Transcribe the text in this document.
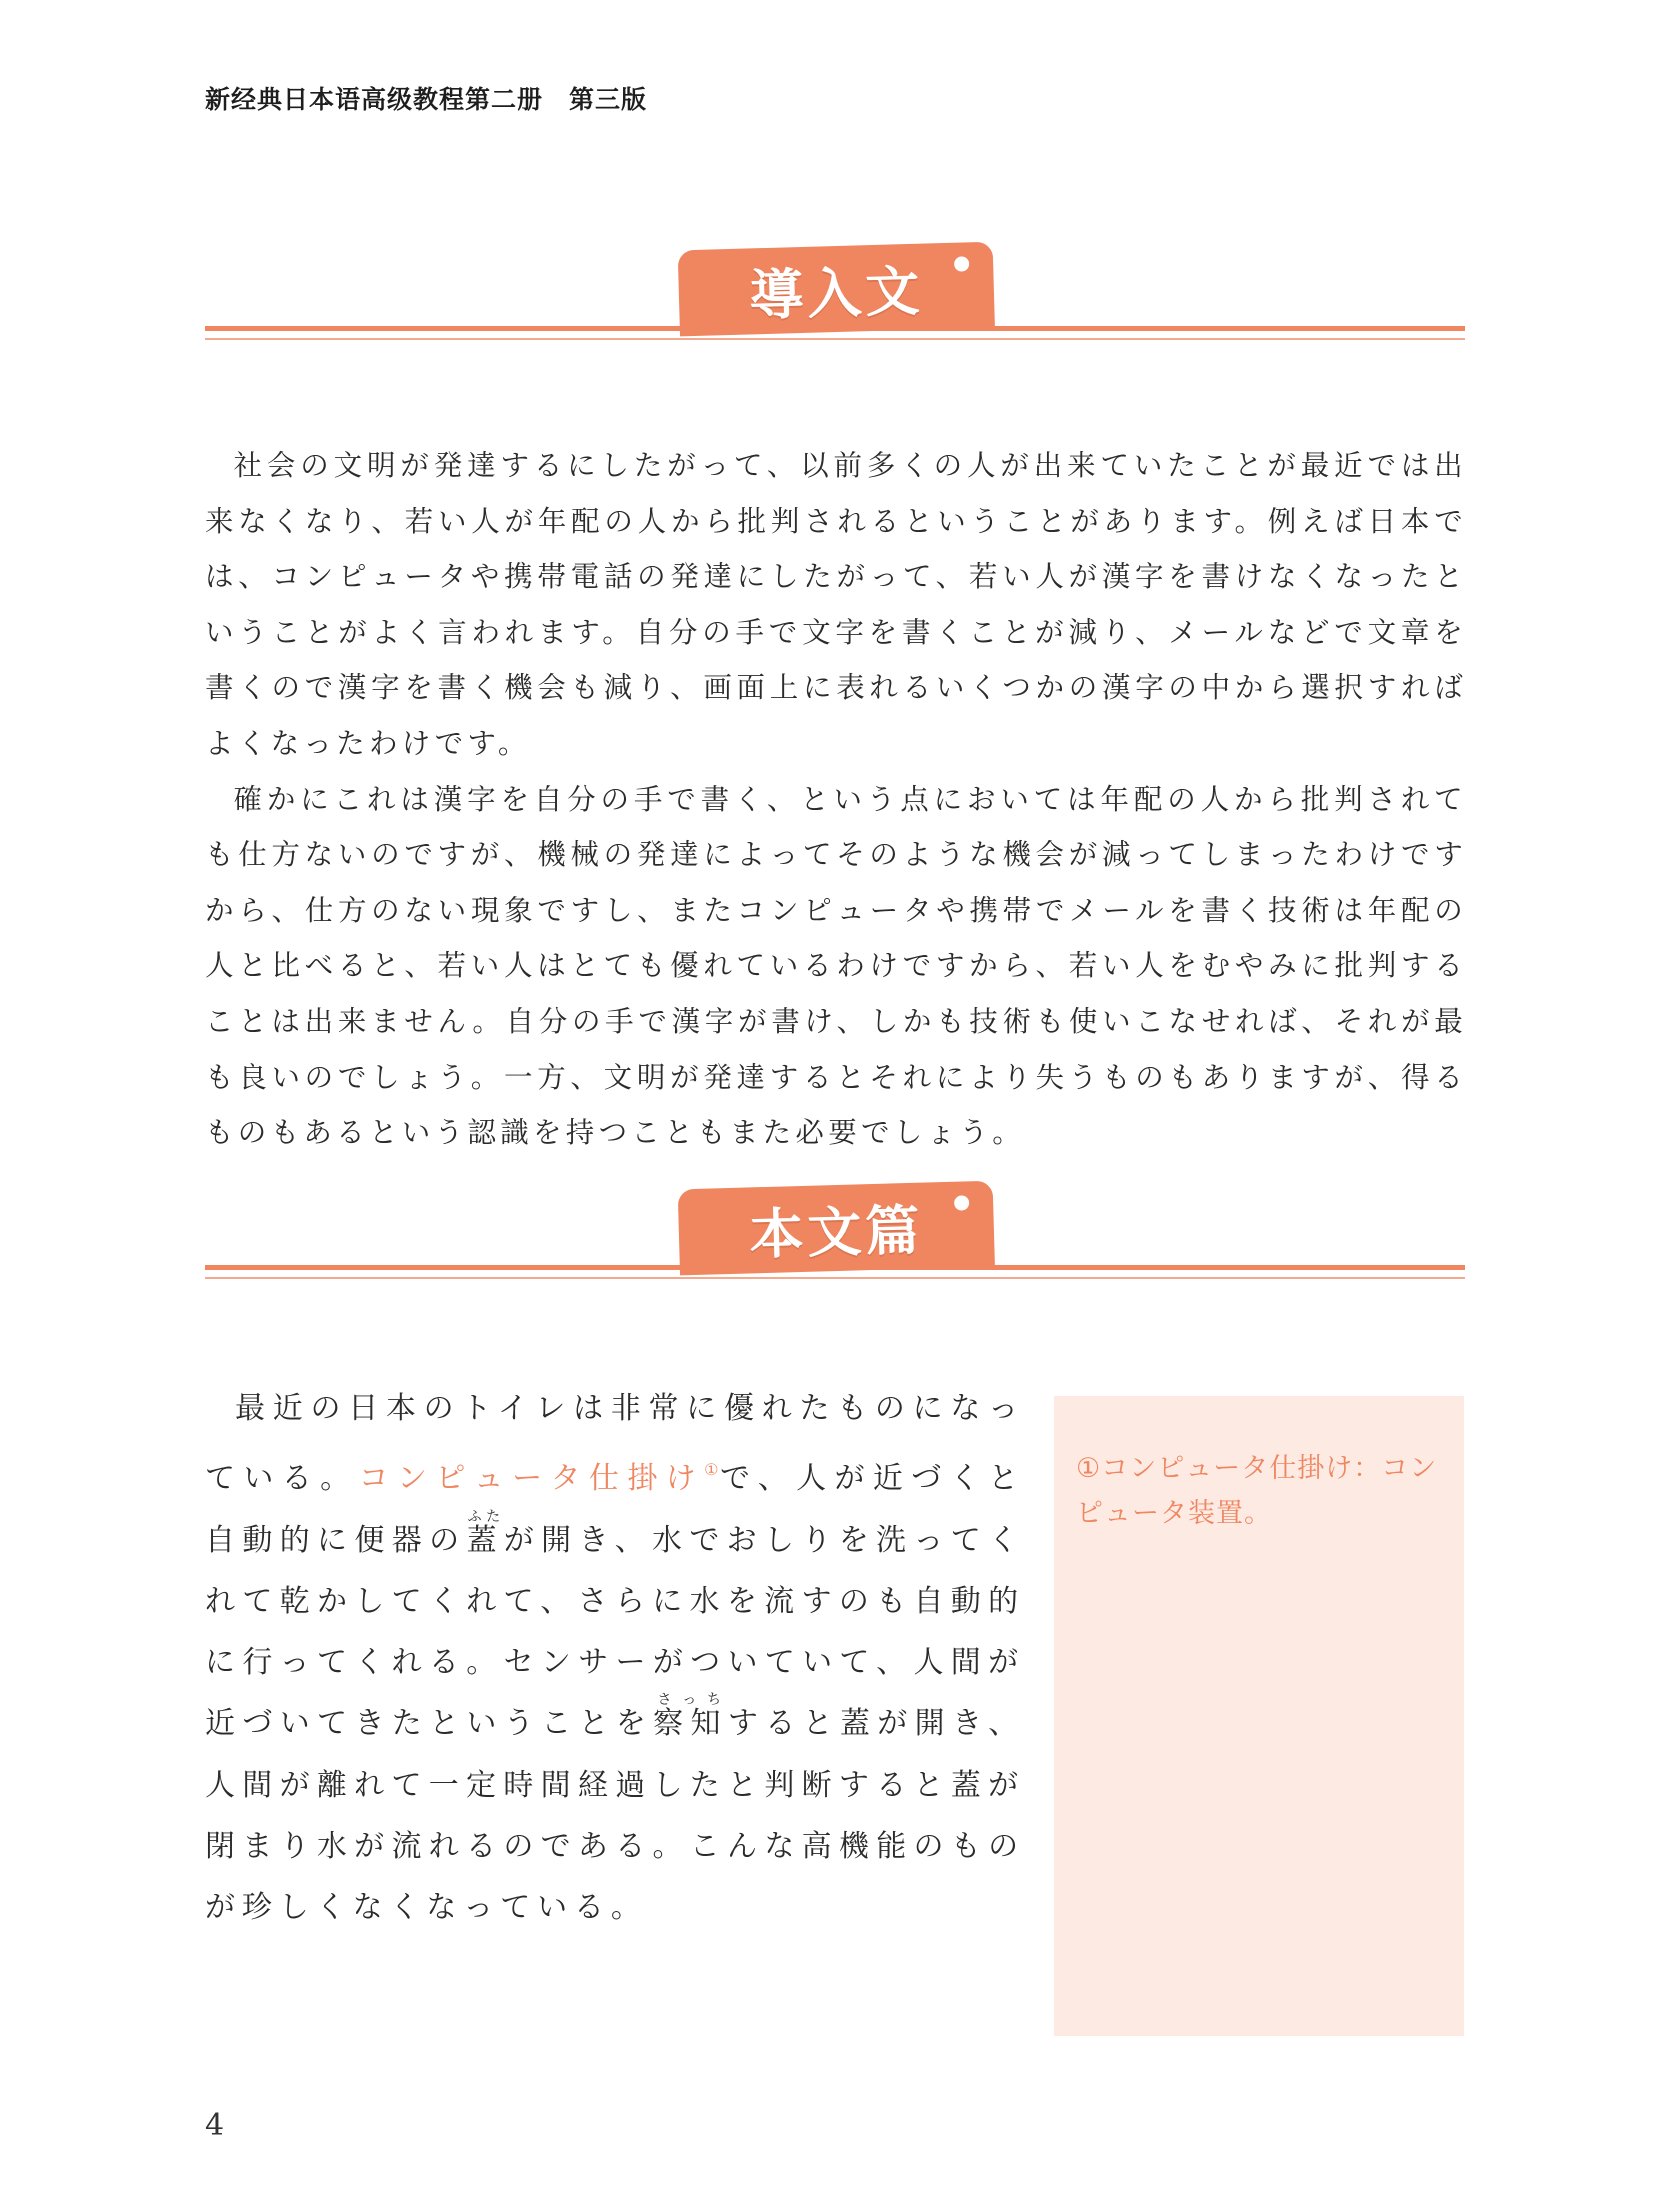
新经典日本语高级教程第二册　第三版
導入文

社会の文明が発達するにしたがって、以前多くの人が出来ていたことが最近では出来なくなり、若い人が年配の人から批判されるということがあります。例えば日本では、コンピュータや携帯電話の発達にしたがって、若い人が漢字を書けなくなったということがよく言われます。自分の手で文字を書くことが減り、メールなどで文章を書くので漢字を書く機会も減り、画面上に表れるいくつかの漢字の中から選択すればよくなったわけです。

確かにこれは漢字を自分の手で書く、という点においては年配の人から批判されても仕方ないのですが、機械の発達によってそのような機会が減ってしまったわけですから、仕方のない現象ですし、またコンピュータや携帯でメールを書く技術は年配の人と比べると、若い人はとても優れているわけですから、若い人をむやみに批判することは出来ません。自分の手で漢字が書け、しかも技術も使いこなせれば、それが最も良いのでしょう。一方、文明が発達するとそれにより失うものもありますが、得るものもあるという認識を持つこともまた必要でしょう。

本文篇

最近の日本のトイレは非常に優れたものになっている。コンピュータ仕掛け①で、人が近づくと自動的に便器の蓋ふたが開き、水でおしりを洗ってくれて乾かしてくれて、さらに水を流すのも自動的に行ってくれる。センサーがついていて、人間が近づいてきたということを察知さっちすると蓋が開き、人間が離れて一定時間経過したと判断すると蓋が閉まり水が流れるのである。こんな高機能のものが珍しくなくなっている。

①コンピュータ仕掛け：コンピュータ装置。
4
